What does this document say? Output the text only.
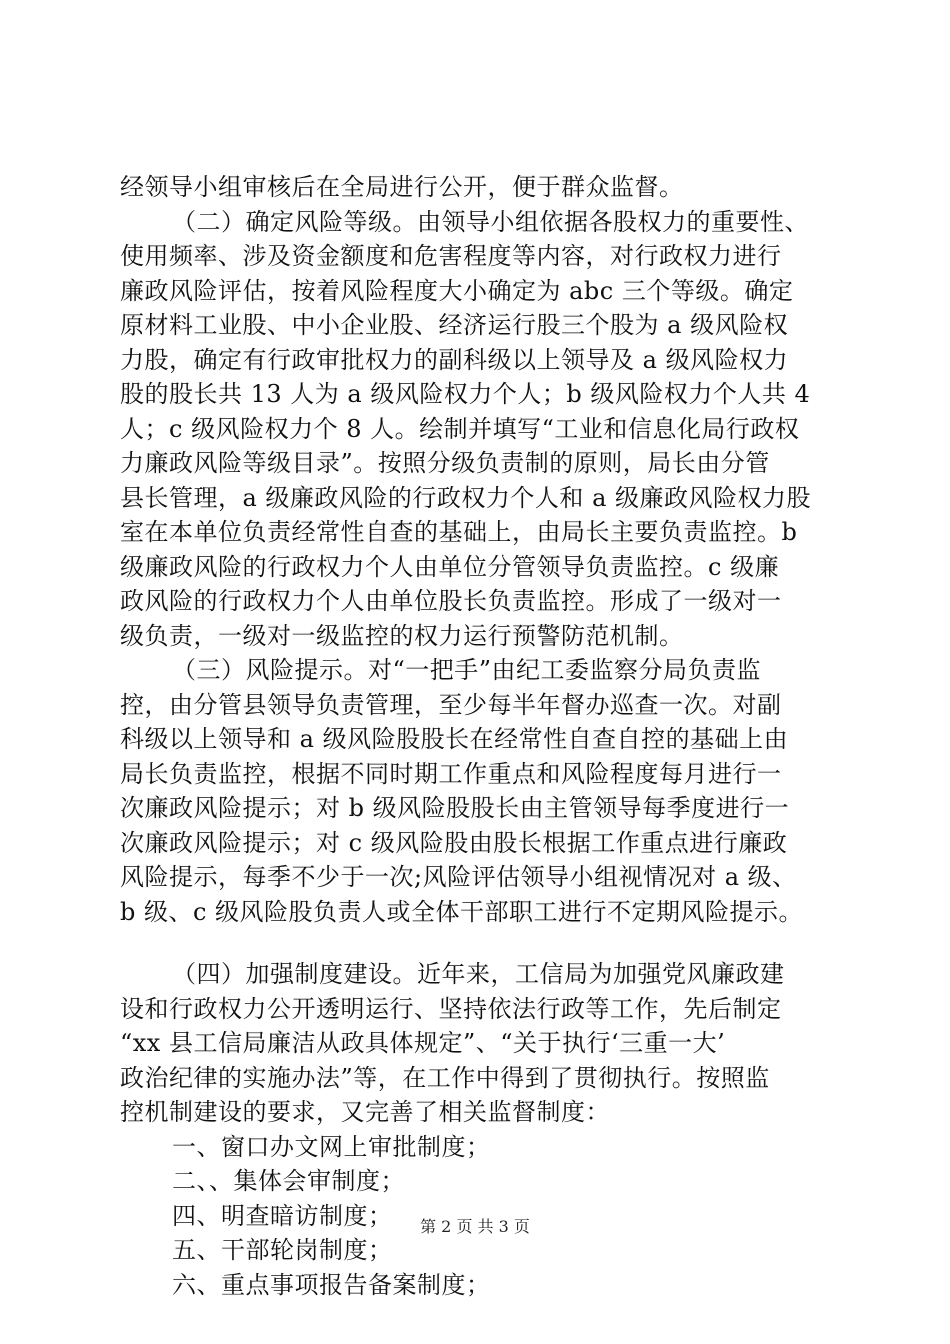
经领导小组审核后在全局进行公开，便于群众监督。
（二）确定风险等级。由领导小组依据各股权力的重要性、
使用频率、涉及资金额度和危害程度等内容，对行政权力进行
廉政风险评估，按着风险程度大小确定为 abc 三个等级。确定
原材料工业股、中小企业股、经济运行股三个股为 a 级风险权
力股，确定有行政审批权力的副科级以上领导及 a 级风险权力
股的股长共 13 人为 a 级风险权力个人；b 级风险权力个人共 4
人；c 级风险权力个 8 人。绘制并填写“工业和信息化局行政权
力廉政风险等级目录”。按照分级负责制的原则，局长由分管
县长管理，a 级廉政风险的行政权力个人和 a 级廉政风险权力股
室在本单位负责经常性自查的基础上，由局长主要负责监控。b
级廉政风险的行政权力个人由单位分管领导负责监控。c 级廉
政风险的行政权力个人由单位股长负责监控。形成了一级对一
级负责，一级对一级监控的权力运行预警防范机制。
（三）风险提示。对“一把手”由纪工委监察分局负责监
控，由分管县领导负责管理，至少每半年督办巡查一次。对副
科级以上领导和 a 级风险股股长在经常性自查自控的基础上由
局长负责监控，根据不同时期工作重点和风险程度每月进行一
次廉政风险提示；对 b 级风险股股长由主管领导每季度进行一
次廉政风险提示；对 c 级风险股由股长根据工作重点进行廉政
风险提示，每季不少于一次;风险评估领导小组视情况对 a 级、
b 级、c 级风险股负责人或全体干部职工进行不定期风险提示。
（四）加强制度建设。近年来，工信局为加强党风廉政建
设和行政权力公开透明运行、坚持依法行政等工作，先后制定
“xx 县工信局廉洁从政具体规定”、“关于执行‘三重一大’
政治纪律的实施办法”等，在工作中得到了贯彻执行。按照监
控机制建设的要求，又完善了相关监督制度：
一、窗口办文网上审批制度；
二、、集体会审制度；
四、明查暗访制度；
五、干部轮岗制度；
六、重点事项报告备案制度；
第 2 页 共 3 页
